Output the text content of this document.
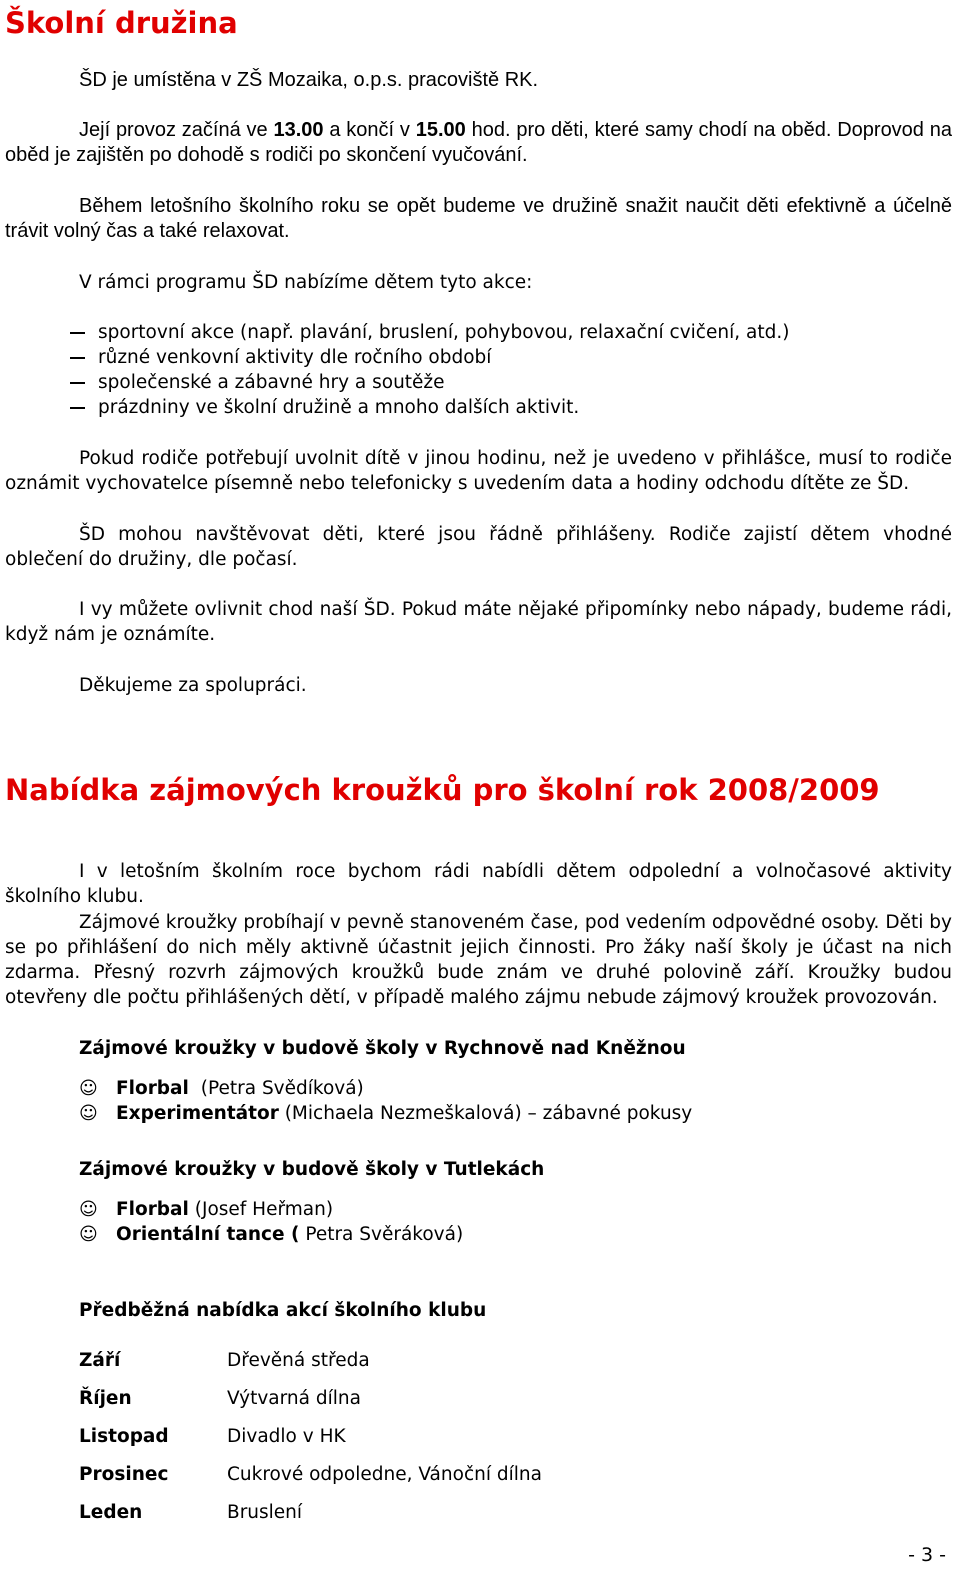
Školní družina
ŠD je umístěna v ZŠ Mozaika, o.p.s. pracoviště RK.
Její provoz začíná ve 13.00 a končí v 15.00 hod. pro děti, které samy chodí na oběd. Doprovod na oběd je zajištěn po dohodě s rodiči po skončení vyučování.
Během letošního školního roku se opět budeme ve družině snažit naučit děti efektivně a účelně trávit volný čas a také relaxovat.
V rámci programu ŠD nabízíme dětem tyto akce:
sportovní akce (např. plavání, bruslení, pohybovou, relaxační cvičení, atd.)
různé venkovní aktivity dle ročního období
společenské a zábavné hry a soutěže
prázdniny ve školní družině a mnoho dalších aktivit.
Pokud rodiče potřebují uvolnit dítě v jinou hodinu, než je uvedeno v přihlášce, musí to rodiče oznámit vychovatelce písemně nebo telefonicky s uvedením data a hodiny odchodu dítěte ze ŠD.
ŠD mohou navštěvovat děti, které jsou řádně přihlášeny. Rodiče zajistí dětem vhodné oblečení do družiny, dle počasí.
I vy můžete ovlivnit chod naší ŠD. Pokud máte nějaké připomínky nebo nápady, budeme rádi, když nám je oznámíte.
Děkujeme za spolupráci.
Nabídka zájmových kroužků pro školní rok 2008/2009
I v letošním školním roce bychom rádi nabídli dětem odpolední a volnočasové aktivity školního klubu.
Zájmové kroužky probíhají v pevně stanoveném čase, pod vedením odpovědné osoby. Děti by se po přihlášení do nich měly aktivně účastnit jejich činnosti. Pro žáky naší školy je účast na nich zdarma. Přesný rozvrh zájmových kroužků bude znám ve druhé polovině září. Kroužky budou otevřeny dle počtu přihlášených dětí, v případě malého zájmu nebude zájmový kroužek provozován.
Zájmové kroužky v budově školy v Rychnově nad Kněžnou
☺ Florbal (Petra Svědíková)
☺ Experimentátor (Michaela Nezmeškalová) – zábavné pokusy
Zájmové kroužky v budově školy v Tutlekách
☺ Florbal (Josef Heřman)
☺ Orientální tance ( Petra Svěráková)
Předběžná nabídka akcí školního klubu
Září	Dřevěná středa
Říjen	Výtvarná dílna
Listopad	Divadlo v HK
Prosinec	Cukrové odpoledne, Vánoční dílna
Leden	Bruslení
- 3 -
